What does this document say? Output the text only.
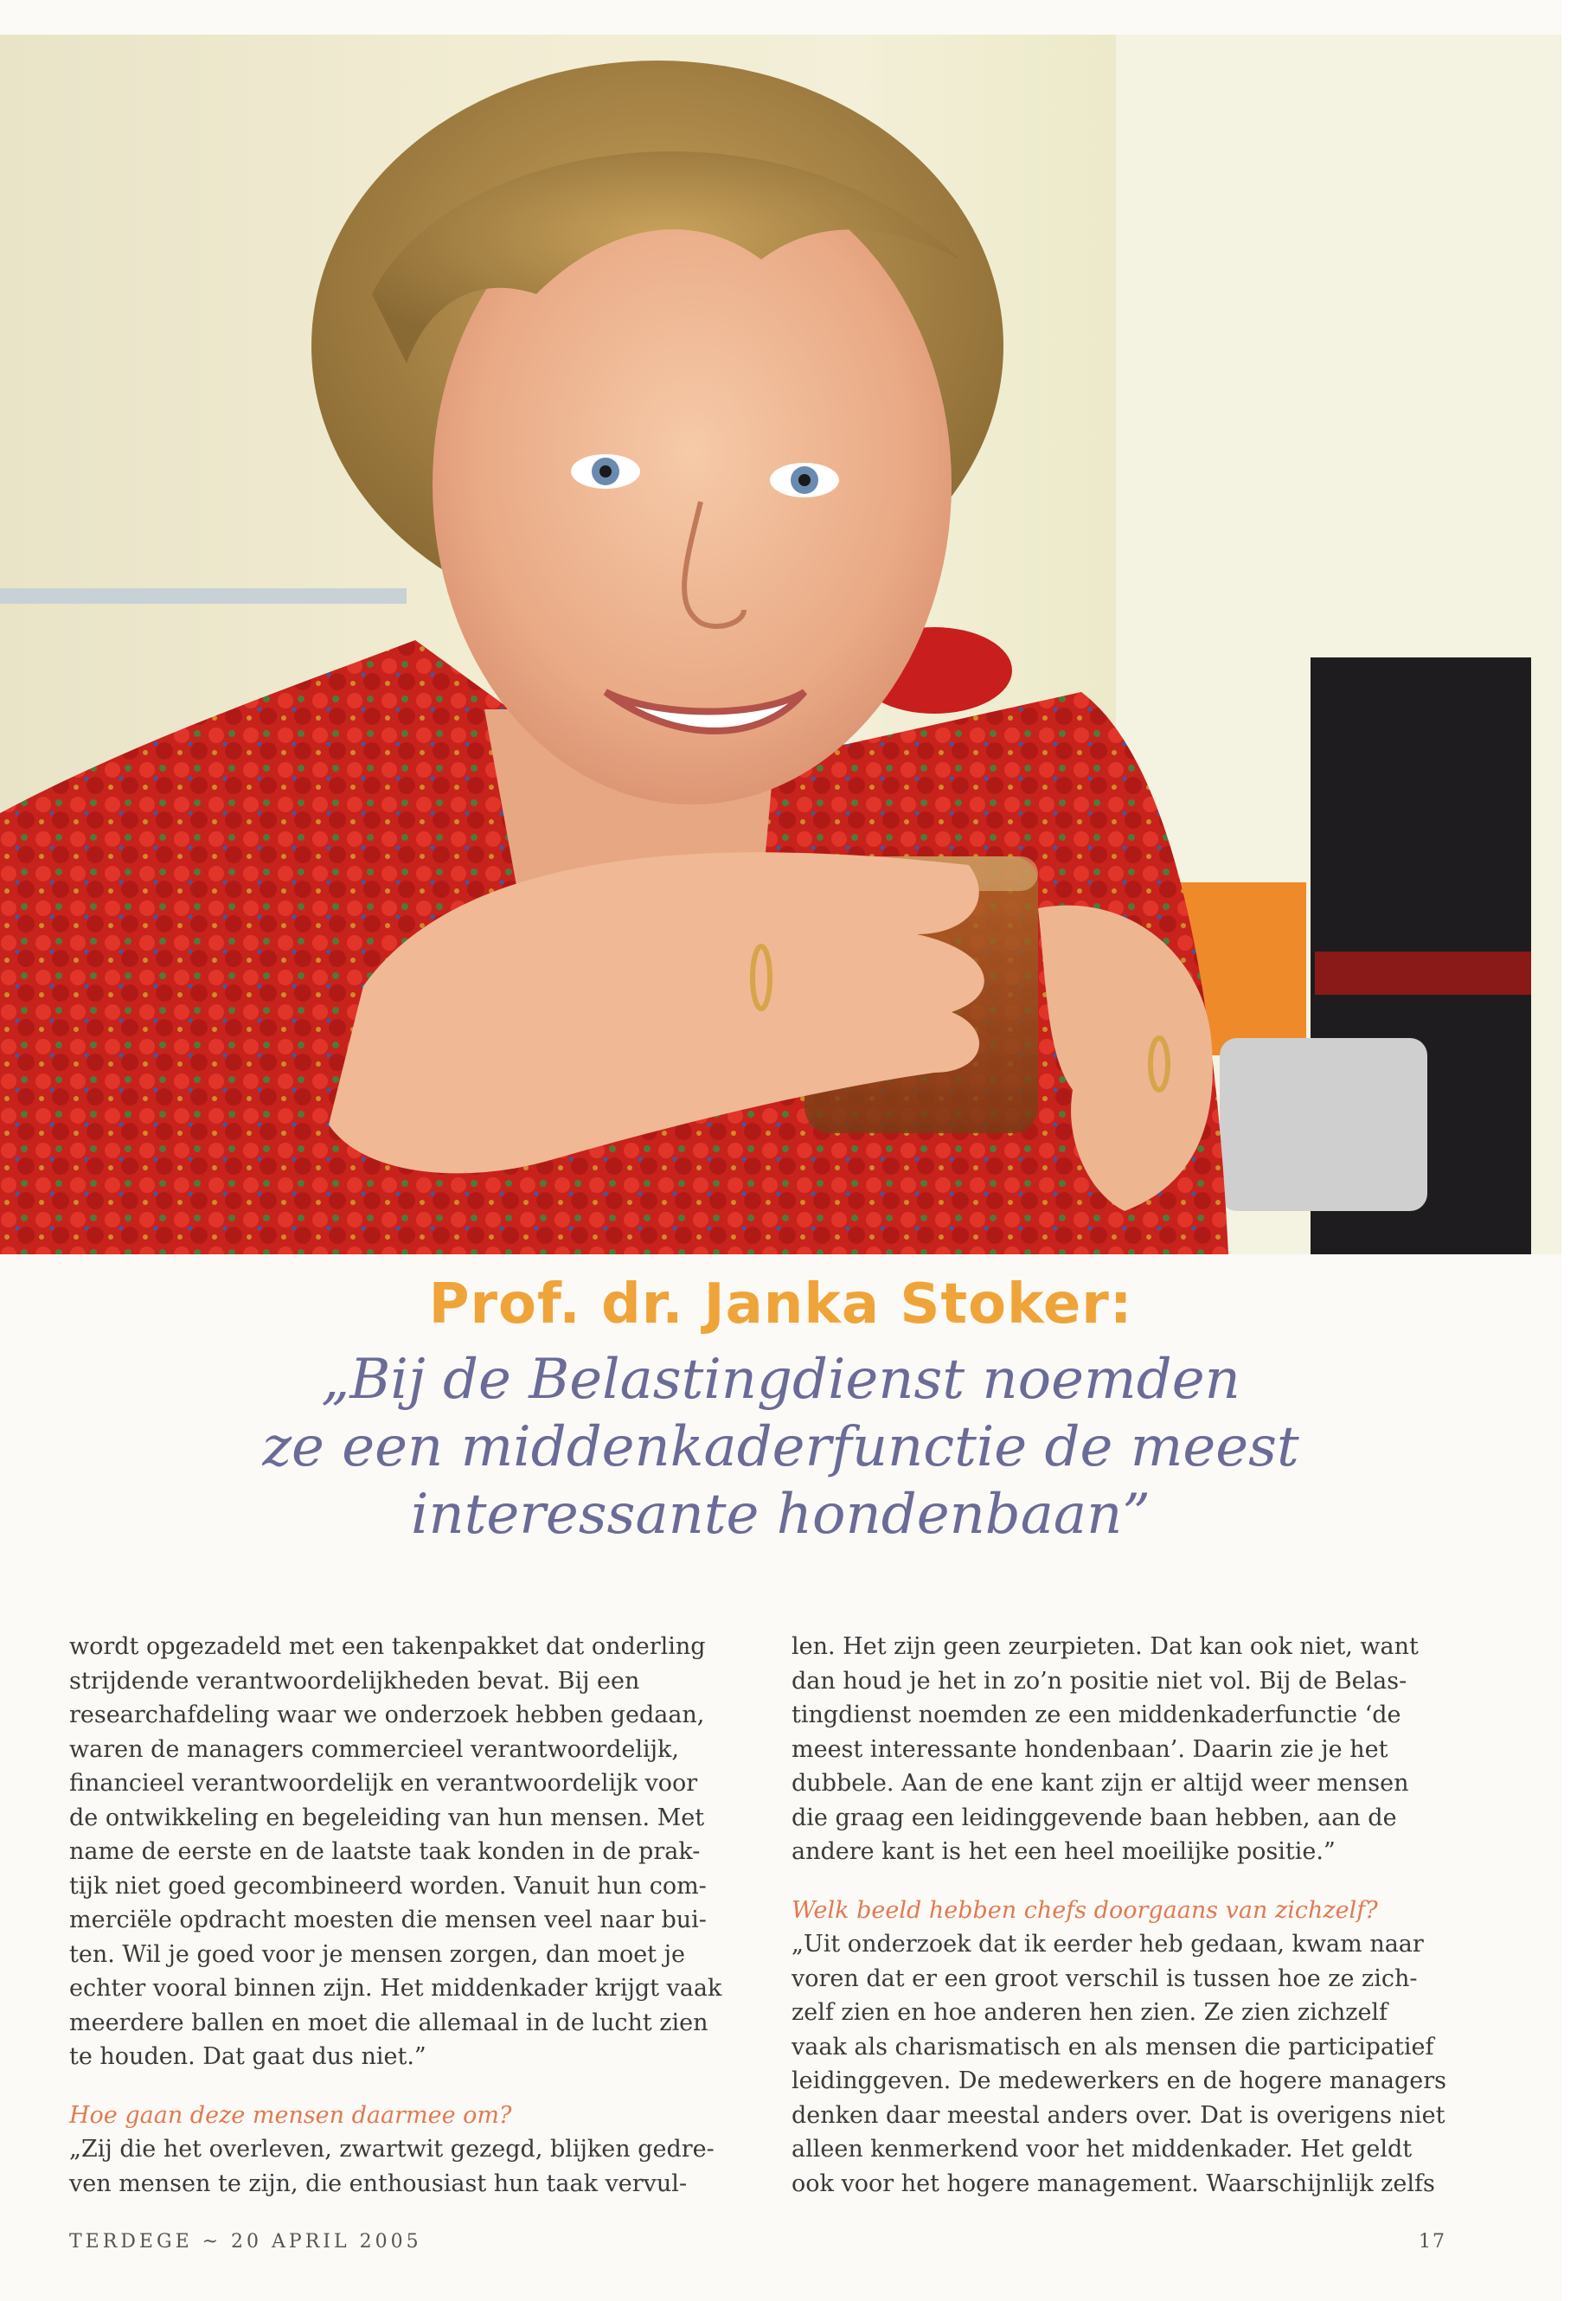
Prof. dr. Janka Stoker:
„Bij de Belastingdienst noemden
ze een middenkaderfunctie de meest
interessante hondenbaan”

wordt opgezadeld met een takenpakket dat onderling
strijdende verantwoordelijkheden bevat. Bij een
researchafdeling waar we onderzoek hebben gedaan,
waren de managers commercieel verantwoordelijk,
financieel verantwoordelijk en verantwoordelijk voor
de ontwikkeling en begeleiding van hun mensen. Met
name de eerste en de laatste taak konden in de prak-
tijk niet goed gecombineerd worden. Vanuit hun com-
merciële opdracht moesten die mensen veel naar bui-
ten. Wil je goed voor je mensen zorgen, dan moet je
echter vooral binnen zijn. Het middenkader krijgt vaak
meerdere ballen en moet die allemaal in de lucht zien
te houden. Dat gaat dus niet.”

Hoe gaan deze mensen daarmee om?

„Zij die het overleven, zwartwit gezegd, blijken gedre-
ven mensen te zijn, die enthousiast hun taak vervul-

len. Het zijn geen zeurpieten. Dat kan ook niet, want
dan houd je het in zo’n positie niet vol. Bij de Belas-
tingdienst noemden ze een middenkaderfunctie ‘de
meest interessante hondenbaan’. Daarin zie je het
dubbele. Aan de ene kant zijn er altijd weer mensen
die graag een leidinggevende baan hebben, aan de
andere kant is het een heel moeilijke positie.”

Welk beeld hebben chefs doorgaans van zichzelf?

„Uit onderzoek dat ik eerder heb gedaan, kwam naar
voren dat er een groot verschil is tussen hoe ze zich-
zelf zien en hoe anderen hen zien. Ze zien zichzelf
vaak als charismatisch en als mensen die participatief
leidinggeven. De medewerkers en de hogere managers
denken daar meestal anders over. Dat is overigens niet
alleen kenmerkend voor het middenkader. Het geldt
ook voor het hogere management. Waarschijnlijk zelfs

TERDEGE ~ 20 APRIL 2005	17
